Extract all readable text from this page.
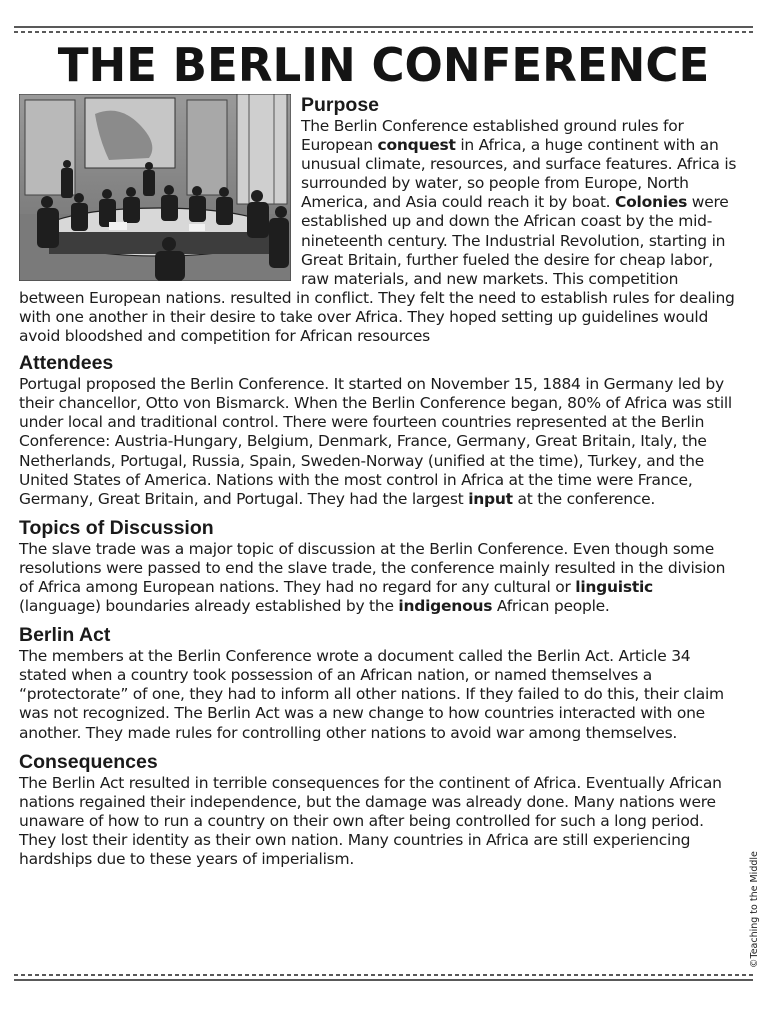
THE BERLIN CONFERENCE
Purpose

The Berlin Conference established ground rules for European conquest in Africa, a huge continent with an unusual climate, resources, and surface features. Africa is surrounded by water, so people from Europe, North America, and Asia could reach it by boat. Colonies were established up and down the African coast by the mid-nineteenth century. The Industrial Revolution, starting in Great Britain, further fueled the desire for cheap labor, raw materials, and new markets. This competition between European nations. resulted in conflict. They felt the need to establish rules for dealing with one another in their desire to take over Africa. They hoped setting up guidelines would avoid bloodshed and competition for African resources

Attendees

Portugal proposed the Berlin Conference. It started on November 15, 1884 in Germany led by their chancellor, Otto von Bismarck. When the Berlin Conference began, 80% of Africa was still under local and traditional control. There were fourteen countries represented at the Berlin Conference: Austria-Hungary, Belgium, Denmark, France, Germany, Great Britain, Italy, the Netherlands, Portugal, Russia, Spain, Sweden-Norway (unified at the time), Turkey, and the United States of America. Nations with the most control in Africa at the time were France, Germany, Great Britain, and Portugal. They had the largest input at the conference.

Topics of Discussion

The slave trade was a major topic of discussion at the Berlin Conference. Even though some resolutions were passed to end the slave trade, the conference mainly resulted in the division of Africa among European nations. They had no regard for any cultural or linguistic (language) boundaries already established by the indigenous African people.

Berlin Act

The members at the Berlin Conference wrote a document called the Berlin Act. Article 34 stated when a country took possession of an African nation, or named themselves a “protectorate” of one, they had to inform all other nations. If they failed to do this, their claim was not recognized. The Berlin Act was a new change to how countries interacted with one another. They made rules for controlling other nations to avoid war among themselves.

Consequences

The Berlin Act resulted in terrible consequences for the continent of Africa. Eventually African nations regained their independence, but the damage was already done. Many nations were unaware of how to run a country on their own after being controlled for such a long period. They lost their identity as their own nation. Many countries in Africa are still experiencing hardships due to these years of imperialism.	©Teaching to the Middle
